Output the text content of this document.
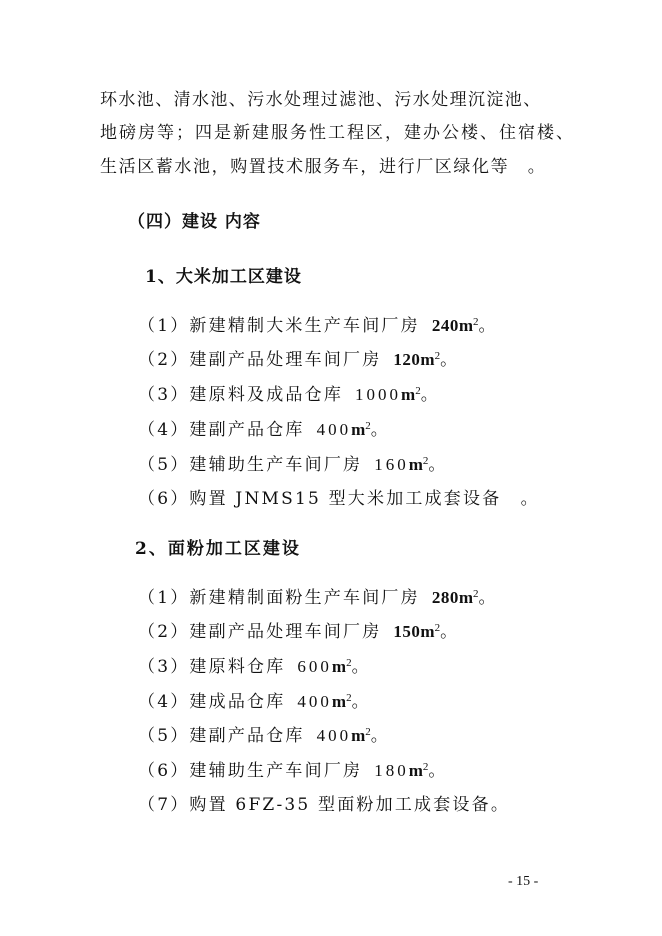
环水池、清水池、污水处理过滤池、污水处理沉淀池、
地磅房等；四是新建服务性工程区，建办公楼、住宿楼、
生活区蓄水池，购置技术服务车，进行厂区绿化等　。
（四）建设 内容
1、大米加工区建设
（1）新建精制大米生产车间厂房 $240m^2$。
（2）建副产品处理车间厂房 $120m^2$。
（3）建原料及成品仓库 $1000m^2$。
（4）建副产品仓库 $400m^2$。
（5）建辅助生产车间厂房 $160m^2$。
（6）购置 JNMS15 型大米加工成套设备　。
2、面粉加工区建设
（1）新建精制面粉生产车间厂房 $280m^2$。
（2）建副产品处理车间厂房 $150m^2$。
（3）建原料仓库 $600m^2$。
（4）建成品仓库 $400m^2$。
（5）建副产品仓库 $400m^2$。
（6）建辅助生产车间厂房 $180m^2$。
（7）购置 6FZ-35 型面粉加工成套设备。
- 15 -
